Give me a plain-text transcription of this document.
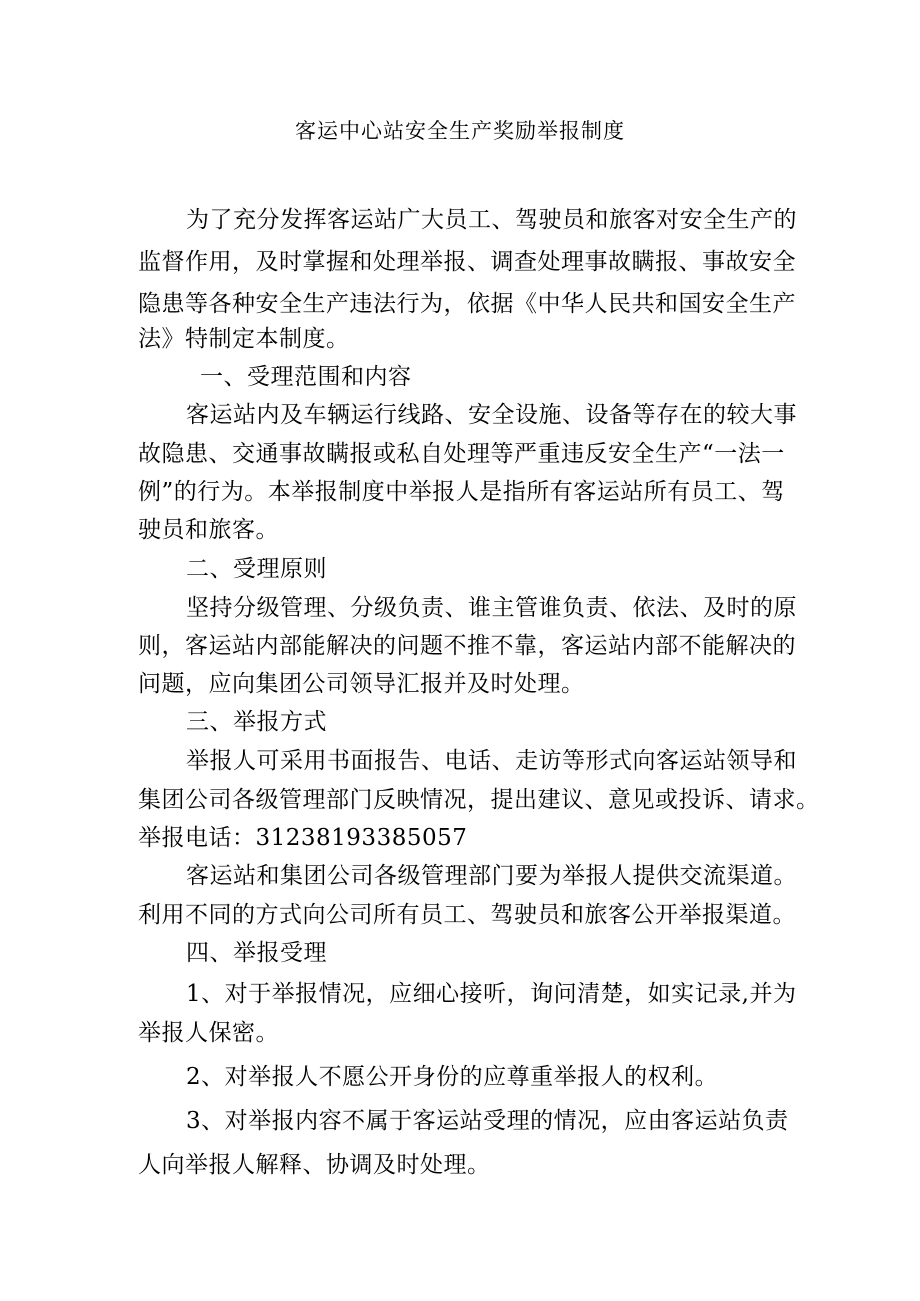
客运中心站安全生产奖励举报制度
为了充分发挥客运站广大员工、驾驶员和旅客对安全生产的
监督作用，及时掌握和处理举报、调查处理事故瞒报、事故安全
隐患等各种安全生产违法行为，依据《中华人民共和国安全生产
法》特制定本制度。
一、受理范围和内容
客运站内及车辆运行线路、安全设施、设备等存在的较大事
故隐患、交通事故瞒报或私自处理等严重违反安全生产“一法一
例”的行为。本举报制度中举报人是指所有客运站所有员工、驾
驶员和旅客。
二、受理原则
坚持分级管理、分级负责、谁主管谁负责、依法、及时的原
则，客运站内部能解决的问题不推不靠，客运站内部不能解决的
问题，应向集团公司领导汇报并及时处理。
三、举报方式
举报人可采用书面报告、电话、走访等形式向客运站领导和
集团公司各级管理部门反映情况，提出建议、意见或投诉、请求。
举报电话：31238193385057
客运站和集团公司各级管理部门要为举报人提供交流渠道。
利用不同的方式向公司所有员工、驾驶员和旅客公开举报渠道。
四、举报受理
1、对于举报情况，应细心接听，询问清楚，如实记录,并为
举报人保密。
2、对举报人不愿公开身份的应尊重举报人的权利。
3、对举报内容不属于客运站受理的情况，应由客运站负责
人向举报人解释、协调及时处理。
